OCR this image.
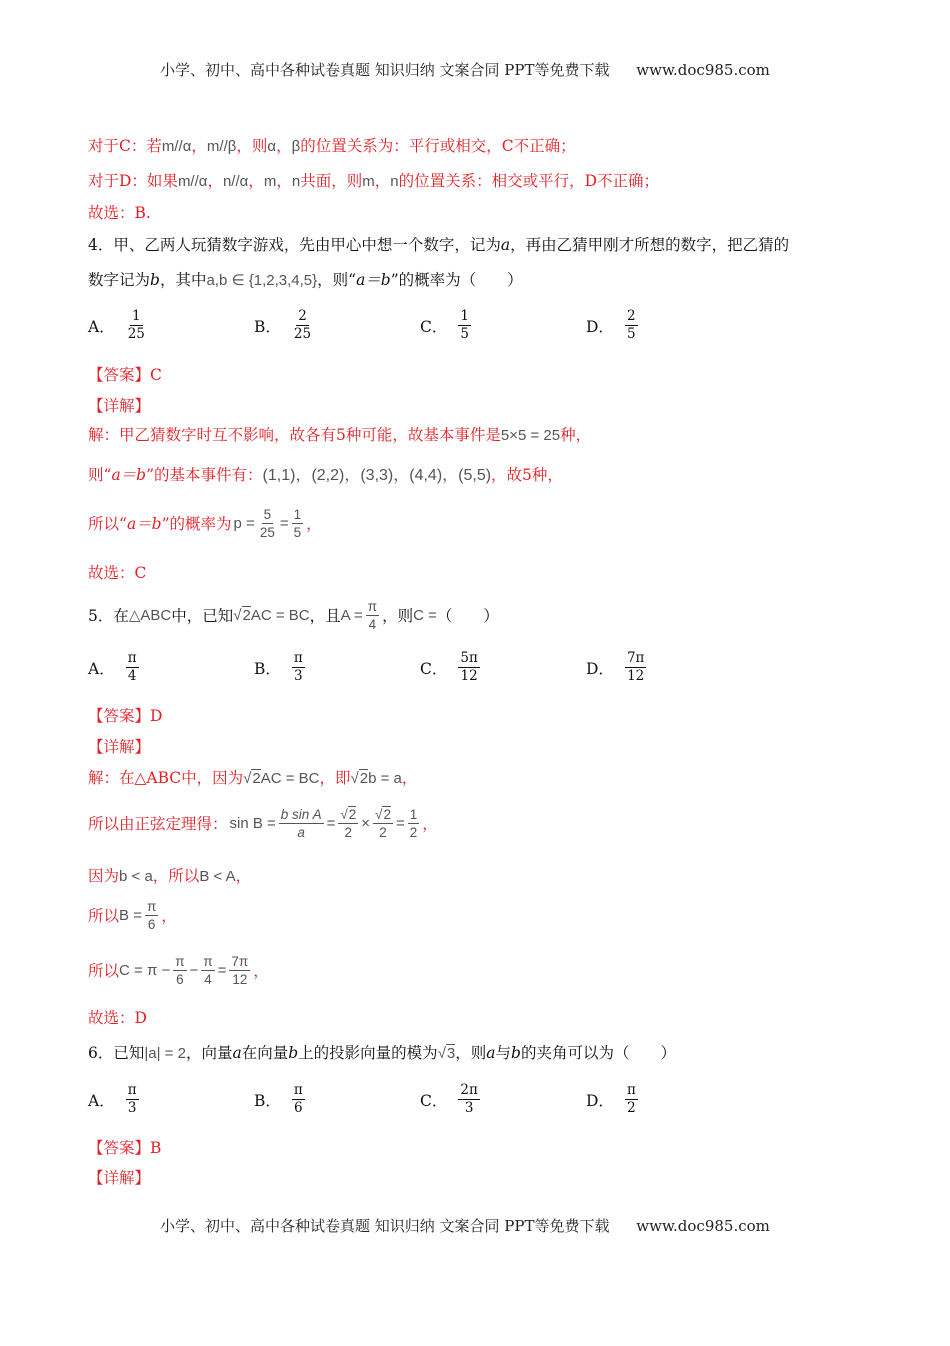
小学、初中、高中各种试卷真题 知识归纳 文案合同 PPT等免费下载 www.doc985.com
对于C：若m//α，m//β，则α，β的位置关系为：平行或相交，C不正确；
对于D：如果m//α，n//α，m，n共面，则m，n的位置关系：相交或平行，D不正确；
故选：B.
4．甲、乙两人玩猜数字游戏，先由甲心中想一个数字，记为a，再由乙猜甲刚才所想的数字，把乙猜的
数字记为b，其中a,b ∈ {1,2,3,4,5}，则“a＝b”的概率为（　　）
A． $\frac{1}{25}$	B． $\frac{2}{25}$	C． $\frac{1}{5}$	D． $\frac{2}{5}$
【答案】C
【详解】
解：甲乙猜数字时互不影响，故各有5种可能，故基本事件是5×5 = 25种，
则“a＝b”的基本事件有：(1,1)，(2,2)，(3,3)，(4,4)，(5,5)，故5种，
所以“ a＝b ”的概率为 $p = \frac{5}{25} = \frac{1}{5}$ ，
故选：C
5．在 △ABC 中，已知 √2 AC = BC ，且 $A = \frac{\pi}{4}$ ，则 C = （　　）
A． $\frac{\pi}{4}$	B． $\frac{\pi}{3}$	C． $\frac{5\pi}{12}$	D． $\frac{7\pi}{12}$
【答案】D
【详解】
解：在△ABC中，因为√2AC = BC，即√2b = a，
所以由正弦定理得： $\sin B = \frac{\text{b sin A}}{a} = \frac{√2}{2} \times \frac{√2}{2} = \frac{1}{2}$ ，
因为b < a，所以B < A，
所以 $B = \frac{\pi}{6}$ ，
所以 $C = \pi - \frac{\pi}{6} - \frac{\pi}{4} = \frac{7\pi}{12}$ ，
故选：D
6．已知|a| = 2，向量a在向量b上的投影向量的模为√3，则a与b的夹角可以为（　　）
A． $\frac{\pi}{3}$	B． $\frac{\pi}{6}$	C． $\frac{2\pi}{3}$	D． $\frac{\pi}{2}$
【答案】B
【详解】
小学、初中、高中各种试卷真题 知识归纳 文案合同 PPT等免费下载 www.doc985.com
